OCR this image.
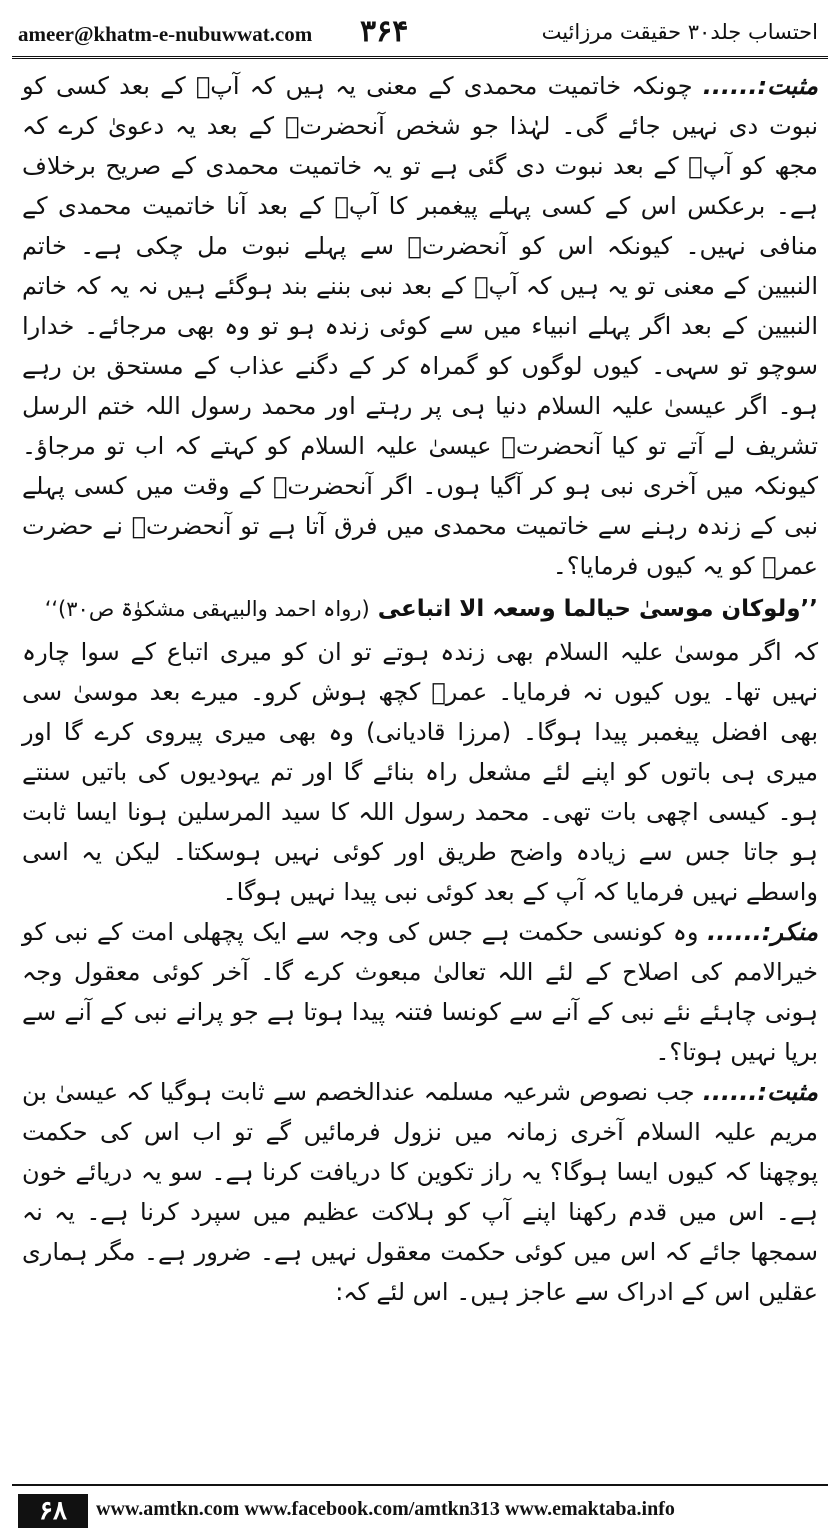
ameer@khatm-e-nubuwwat.com ۳۶۴	احتساب جلد۳۰ حقیقت مرزائیت

مثبت:...... چونکہ خاتمیت محمدی کے معنی یہ ہیں کہ آپؐ کے بعد کسی کو نبوت دی نہیں جائے گی۔ لہٰذا جو شخص آنحضرتﷺ کے بعد یہ دعویٰ کرے کہ مجھ کو آپؐ کے بعد نبوت دی گئی ہے تو یہ خاتمیت محمدی کے صریح برخلاف ہے۔ برعکس اس کے کسی پہلے پیغمبر کا آپؐ کے بعد آنا خاتمیت محمدی کے منافی نہیں۔ کیونکہ اس کو آنحضرتﷺ سے پہلے نبوت مل چکی ہے۔ خاتم النبیین کے معنی تو یہ ہیں کہ آپؐ کے بعد نبی بننے بند ہوگئے ہیں نہ یہ کہ خاتم النبیین کے بعد اگر پہلے انبیاء میں سے کوئی زندہ ہو تو وہ بھی مرجائے۔ خدارا سوچو تو سہی۔ کیوں لوگوں کو گمراہ کر کے دگنے عذاب کے مستحق بن رہے ہو۔ اگر عیسیٰ علیہ السلام دنیا ہی پر رہتے اور محمد رسول اللہ ختم الرسل تشریف لے آتے تو کیا آنحضرتﷺ عیسیٰ علیہ السلام کو کہتے کہ اب تو مرجاؤ۔ کیونکہ میں آخری نبی ہو کر آگیا ہوں۔ اگر آنحضرتﷺ کے وقت میں کسی پہلے نبی کے زندہ رہنے سے خاتمیت محمدی میں فرق آتا ہے تو آنحضرتﷺ نے حضرت عمرؓ کو یہ کیوں فرمایا؟۔

’’ولوکان موسیٰ حیالما وسعہ الا اتباعی (رواہ احمد والبیہقی مشکوٰۃ ص۳۰)‘‘

کہ اگر موسیٰ علیہ السلام بھی زندہ ہوتے تو ان کو میری اتباع کے سوا چارہ نہیں تھا۔ یوں کیوں نہ فرمایا۔ عمرؓ کچھ ہوش کرو۔ میرے بعد موسیٰ سی بھی افضل پیغمبر پیدا ہوگا۔ (مرزا قادیانی) وہ بھی میری پیروی کرے گا اور میری ہی باتوں کو اپنے لئے مشعل راہ بنائے گا اور تم یہودیوں کی باتیں سنتے ہو۔ کیسی اچھی بات تھی۔ محمد رسول اللہ کا سید المرسلین ہونا ایسا ثابت ہو جاتا جس سے زیادہ واضح طریق اور کوئی نہیں ہوسکتا۔ لیکن یہ اسی واسطے نہیں فرمایا کہ آپ کے بعد کوئی نبی پیدا نہیں ہوگا۔

منکر:...... وہ کونسی حکمت ہے جس کی وجہ سے ایک پچھلی امت کے نبی کو خیرالامم کی اصلاح کے لئے اللہ تعالیٰ مبعوث کرے گا۔ آخر کوئی معقول وجہ ہونی چاہئے نئے نبی کے آنے سے کونسا فتنہ پیدا ہوتا ہے جو پرانے نبی کے آنے سے برپا نہیں ہوتا؟۔

مثبت:...... جب نصوص شرعیہ مسلمہ عندالخصم سے ثابت ہوگیا کہ عیسیٰ بن مریم علیہ السلام آخری زمانہ میں نزول فرمائیں گے تو اب اس کی حکمت پوچھنا کہ کیوں ایسا ہوگا؟ یہ راز تکوین کا دریافت کرنا ہے۔ سو یہ دریائے خون ہے۔ اس میں قدم رکھنا اپنے آپ کو ہلاکت عظیم میں سپرد کرنا ہے۔ یہ نہ سمجھا جائے کہ اس میں کوئی حکمت معقول نہیں ہے۔ ضرور ہے۔ مگر ہماری عقلیں اس کے ادراک سے عاجز ہیں۔ اس لئے کہ:

۶۸	www.amtkn.com www.facebook.com/amtkn313 www.emaktaba.info
